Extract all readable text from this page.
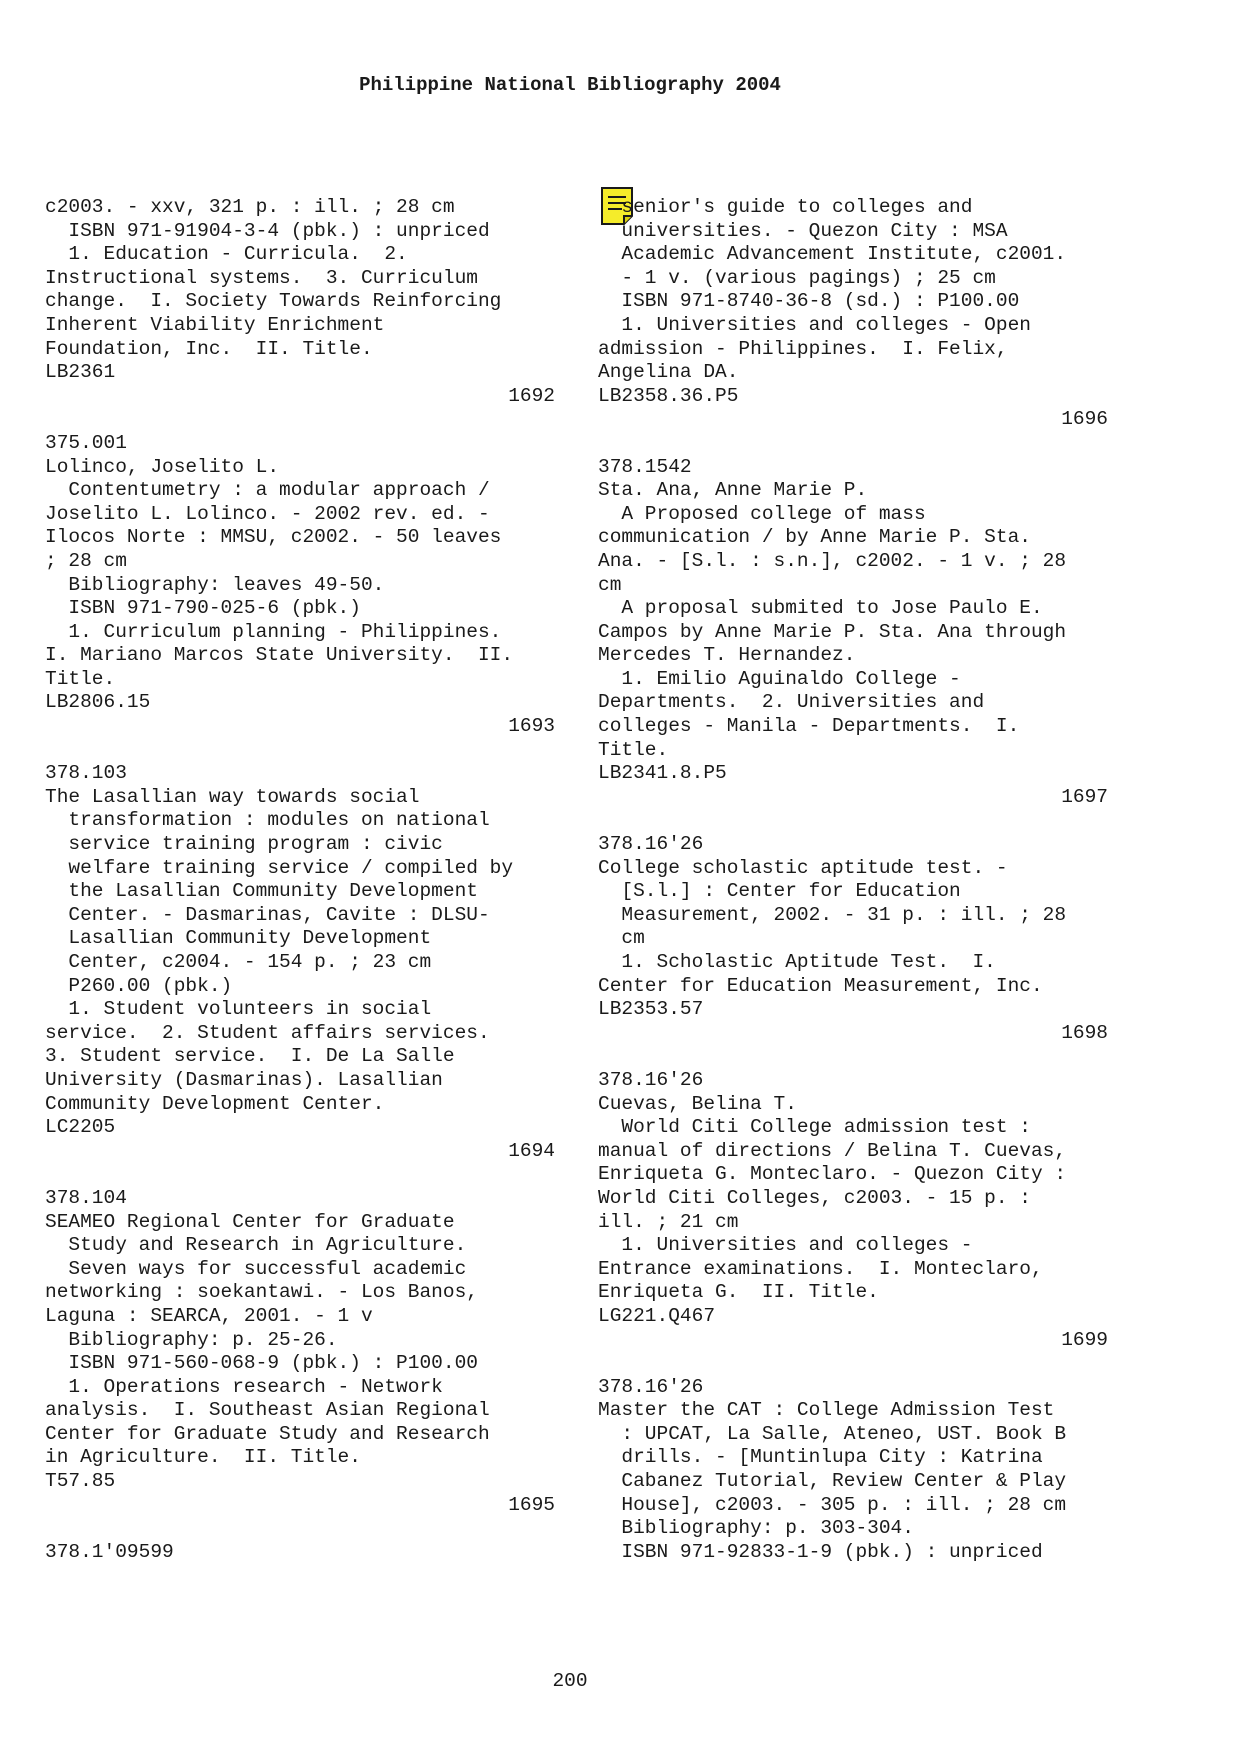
Philippine National Bibliography 2004
c2003. - xxv, 321 p. : ill. ; 28 cm
ISBN 971-91904-3-4 (pbk.) : unpriced
1. Education - Curricula.  2.
Instructional systems.  3. Curriculum
change.  I. Society Towards Reinforcing
Inherent Viability Enrichment
Foundation, Inc.  II. Title.
LB2361
1692
375.001
Lolinco, Joselito L.
Contentumetry : a modular approach /
Joselito L. Lolinco. - 2002 rev. ed. -
Ilocos Norte : MMSU, c2002. - 50 leaves
; 28 cm
Bibliography: leaves 49-50.
ISBN 971-790-025-6 (pbk.)
1. Curriculum planning - Philippines.
I. Mariano Marcos State University.  II.
Title.
LB2806.15
1693
378.103
The Lasallian way towards social
transformation : modules on national
service training program : civic
welfare training service / compiled by
the Lasallian Community Development
Center. - Dasmarinas, Cavite : DLSU-
Lasallian Community Development
Center, c2004. - 154 p. ; 23 cm
P260.00 (pbk.)
1. Student volunteers in social
service.  2. Student affairs services.
3. Student service.  I. De La Salle
University (Dasmarinas). Lasallian
Community Development Center.
LC2205
1694
378.104
SEAMEO Regional Center for Graduate
Study and Research in Agriculture.
Seven ways for successful academic
networking : soekantawi. - Los Banos,
Laguna : SEARCA, 2001. - 1 v
Bibliography: p. 25-26.
ISBN 971-560-068-9 (pbk.) : P100.00
1. Operations research - Network
analysis.  I. Southeast Asian Regional
Center for Graduate Study and Research
in Agriculture.  II. Title.
T57.85
1695
378.1'09599
senior's guide to colleges and
universities. - Quezon City : MSA
Academic Advancement Institute, c2001.
- 1 v. (various pagings) ; 25 cm
ISBN 971-8740-36-8 (sd.) : P100.00
1. Universities and colleges - Open
admission - Philippines.  I. Felix,
Angelina DA.
LB2358.36.P5
1696
378.1542
Sta. Ana, Anne Marie P.
A Proposed college of mass
communication / by Anne Marie P. Sta.
Ana. - [S.l. : s.n.], c2002. - 1 v. ; 28
cm
A proposal submited to Jose Paulo E.
Campos by Anne Marie P. Sta. Ana through
Mercedes T. Hernandez.
1. Emilio Aguinaldo College -
Departments.  2. Universities and
colleges - Manila - Departments.  I.
Title.
LB2341.8.P5
1697
378.16'26
College scholastic aptitude test. -
[S.l.] : Center for Education
Measurement, 2002. - 31 p. : ill. ; 28
cm
1. Scholastic Aptitude Test.  I.
Center for Education Measurement, Inc.
LB2353.57
1698
378.16'26
Cuevas, Belina T.
World Citi College admission test :
manual of directions / Belina T. Cuevas,
Enriqueta G. Monteclaro. - Quezon City :
World Citi Colleges, c2003. - 15 p. :
ill. ; 21 cm
1. Universities and colleges -
Entrance examinations.  I. Monteclaro,
Enriqueta G.  II. Title.
LG221.Q467
1699
378.16'26
Master the CAT : College Admission Test
: UPCAT, La Salle, Ateneo, UST. Book B
drills. - [Muntinlupa City : Katrina
Cabanez Tutorial, Review Center & Play
House], c2003. - 305 p. : ill. ; 28 cm
Bibliography: p. 303-304.
ISBN 971-92833-1-9 (pbk.) : unpriced
200
